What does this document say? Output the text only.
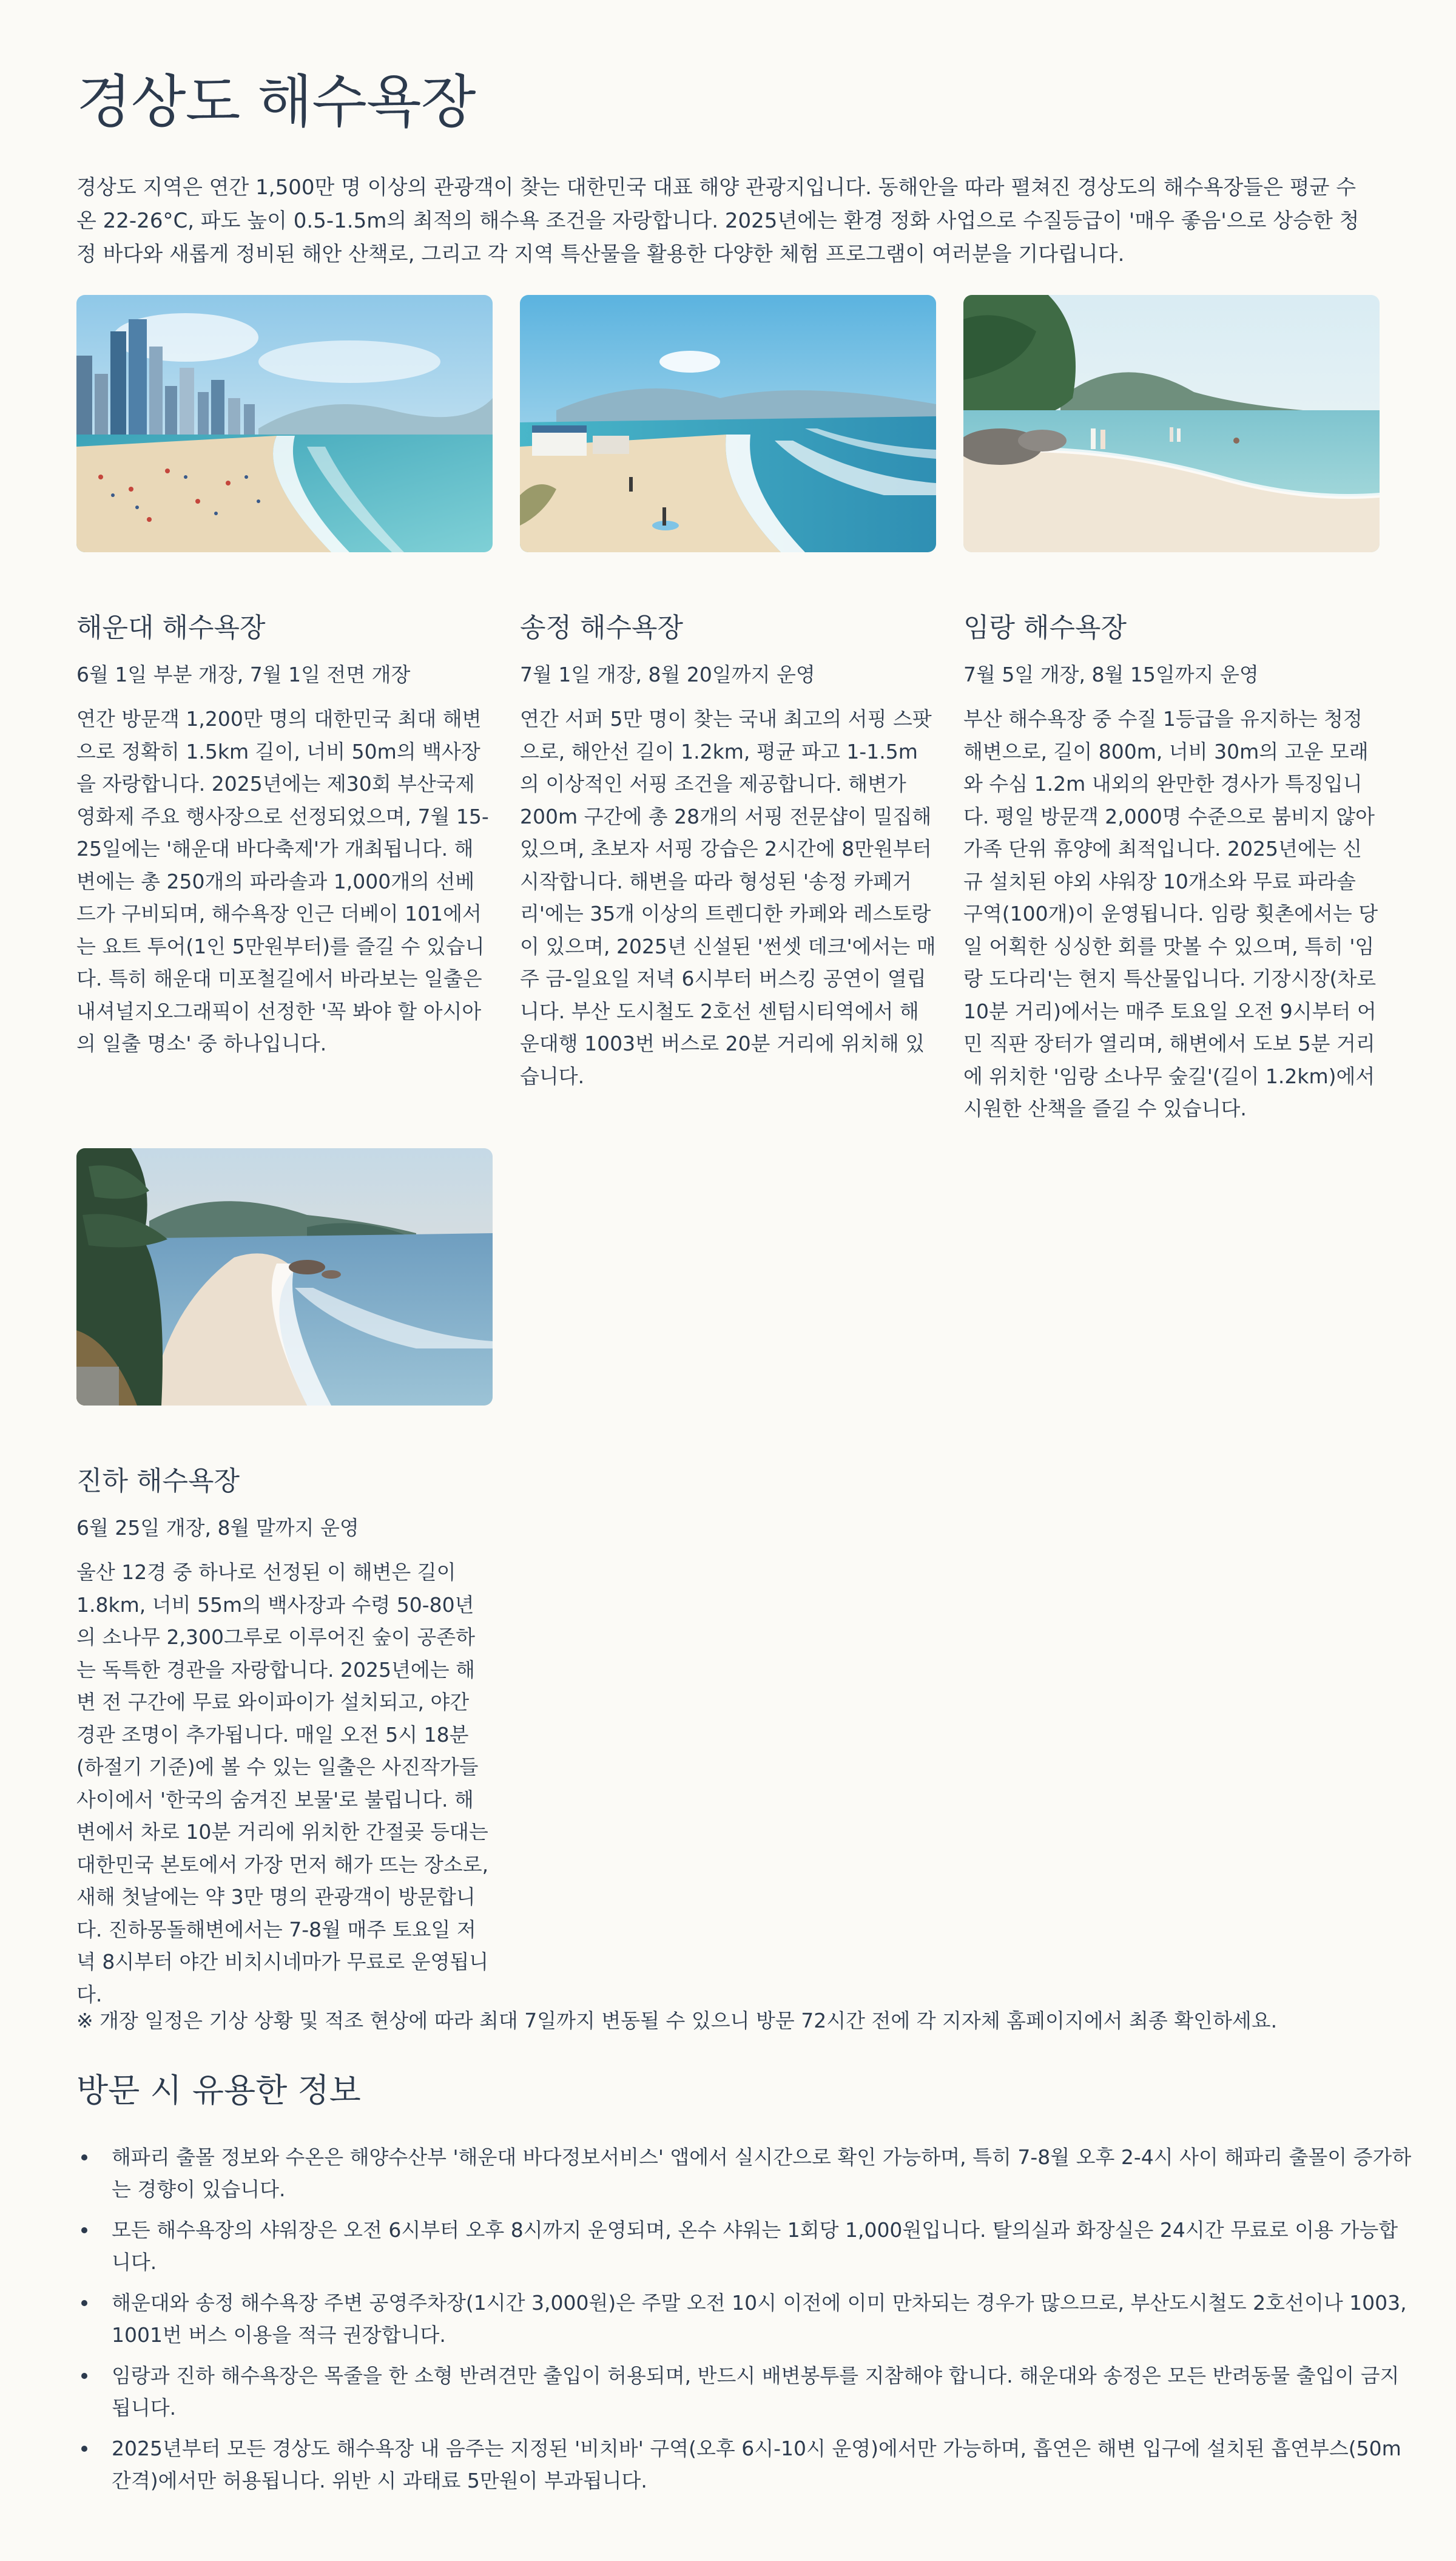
경상도 해수욕장

경상도 지역은 연간 1,500만 명 이상의 관광객이 찾는 대한민국 대표 해양 관광지입니다. 동해안을 따라 펼쳐진 경상도의 해수욕장들은 평균 수온 22-26°C, 파도 높이 0.5-1.5m의 최적의 해수욕 조건을 자랑합니다. 2025년에는 환경 정화 사업으로 수질등급이 '매우 좋음'으로 상승한 청정 바다와 새롭게 정비된 해안 산책로, 그리고 각 지역 특산물을 활용한 다양한 체험 프로그램이 여러분을 기다립니다.

해운대 해수욕장

6월 1일 부분 개장, 7월 1일 전면 개장

연간 방문객 1,200만 명의 대한민국 최대 해변으로 정확히 1.5km 길이, 너비 50m의 백사장을 자랑합니다. 2025년에는 제30회 부산국제영화제 주요 행사장으로 선정되었으며, 7월 15-25일에는 '해운대 바다축제'가 개최됩니다. 해변에는 총 250개의 파라솔과 1,000개의 선베드가 구비되며, 해수욕장 인근 더베이 101에서는 요트 투어(1인 5만원부터)를 즐길 수 있습니다. 특히 해운대 미포철길에서 바라보는 일출은 내셔널지오그래픽이 선정한 '꼭 봐야 할 아시아의 일출 명소' 중 하나입니다.

송정 해수욕장

7월 1일 개장, 8월 20일까지 운영

연간 서퍼 5만 명이 찾는 국내 최고의 서핑 스팟으로, 해안선 길이 1.2km, 평균 파고 1-1.5m의 이상적인 서핑 조건을 제공합니다. 해변가 200m 구간에 총 28개의 서핑 전문샵이 밀집해 있으며, 초보자 서핑 강습은 2시간에 8만원부터 시작합니다. 해변을 따라 형성된 '송정 카페거리'에는 35개 이상의 트렌디한 카페와 레스토랑이 있으며, 2025년 신설된 '썬셋 데크'에서는 매주 금-일요일 저녁 6시부터 버스킹 공연이 열립니다. 부산 도시철도 2호선 센텀시티역에서 해운대행 1003번 버스로 20분 거리에 위치해 있습니다.

임랑 해수욕장

7월 5일 개장, 8월 15일까지 운영

부산 해수욕장 중 수질 1등급을 유지하는 청정 해변으로, 길이 800m, 너비 30m의 고운 모래와 수심 1.2m 내외의 완만한 경사가 특징입니다. 평일 방문객 2,000명 수준으로 붐비지 않아 가족 단위 휴양에 최적입니다. 2025년에는 신규 설치된 야외 샤워장 10개소와 무료 파라솔 구역(100개)이 운영됩니다. 임랑 횟촌에서는 당일 어획한 싱싱한 회를 맛볼 수 있으며, 특히 '임랑 도다리'는 현지 특산물입니다. 기장시장(차로 10분 거리)에서는 매주 토요일 오전 9시부터 어민 직판 장터가 열리며, 해변에서 도보 5분 거리에 위치한 '임랑 소나무 숲길'(길이 1.2km)에서 시원한 산책을 즐길 수 있습니다.

진하 해수욕장

6월 25일 개장, 8월 말까지 운영

울산 12경 중 하나로 선정된 이 해변은 길이 1.8km, 너비 55m의 백사장과 수령 50-80년의 소나무 2,300그루로 이루어진 숲이 공존하는 독특한 경관을 자랑합니다. 2025년에는 해변 전 구간에 무료 와이파이가 설치되고, 야간 경관 조명이 추가됩니다. 매일 오전 5시 18분(하절기 기준)에 볼 수 있는 일출은 사진작가들 사이에서 '한국의 숨겨진 보물'로 불립니다. 해변에서 차로 10분 거리에 위치한 간절곶 등대는 대한민국 본토에서 가장 먼저 해가 뜨는 장소로, 새해 첫날에는 약 3만 명의 관광객이 방문합니다. 진하몽돌해변에서는 7-8월 매주 토요일 저녁 8시부터 야간 비치시네마가 무료로 운영됩니다.

※ 개장 일정은 기상 상황 및 적조 현상에 따라 최대 7일까지 변동될 수 있으니 방문 72시간 전에 각 지자체 홈페이지에서 최종 확인하세요.

방문 시 유용한 정보
해파리 출몰 정보와 수온은 해양수산부 '해운대 바다정보서비스' 앱에서 실시간으로 확인 가능하며, 특히 7-8월 오후 2-4시 사이 해파리 출몰이 증가하는 경향이 있습니다.
모든 해수욕장의 샤워장은 오전 6시부터 오후 8시까지 운영되며, 온수 샤워는 1회당 1,000원입니다. 탈의실과 화장실은 24시간 무료로 이용 가능합니다.
해운대와 송정 해수욕장 주변 공영주차장(1시간 3,000원)은 주말 오전 10시 이전에 이미 만차되는 경우가 많으므로, 부산도시철도 2호선이나 1003, 1001번 버스 이용을 적극 권장합니다.
임랑과 진하 해수욕장은 목줄을 한 소형 반려견만 출입이 허용되며, 반드시 배변봉투를 지참해야 합니다. 해운대와 송정은 모든 반려동물 출입이 금지됩니다.
2025년부터 모든 경상도 해수욕장 내 음주는 지정된 '비치바' 구역(오후 6시-10시 운영)에서만 가능하며, 흡연은 해변 입구에 설치된 흡연부스(50m 간격)에서만 허용됩니다. 위반 시 과태료 5만원이 부과됩니다.
